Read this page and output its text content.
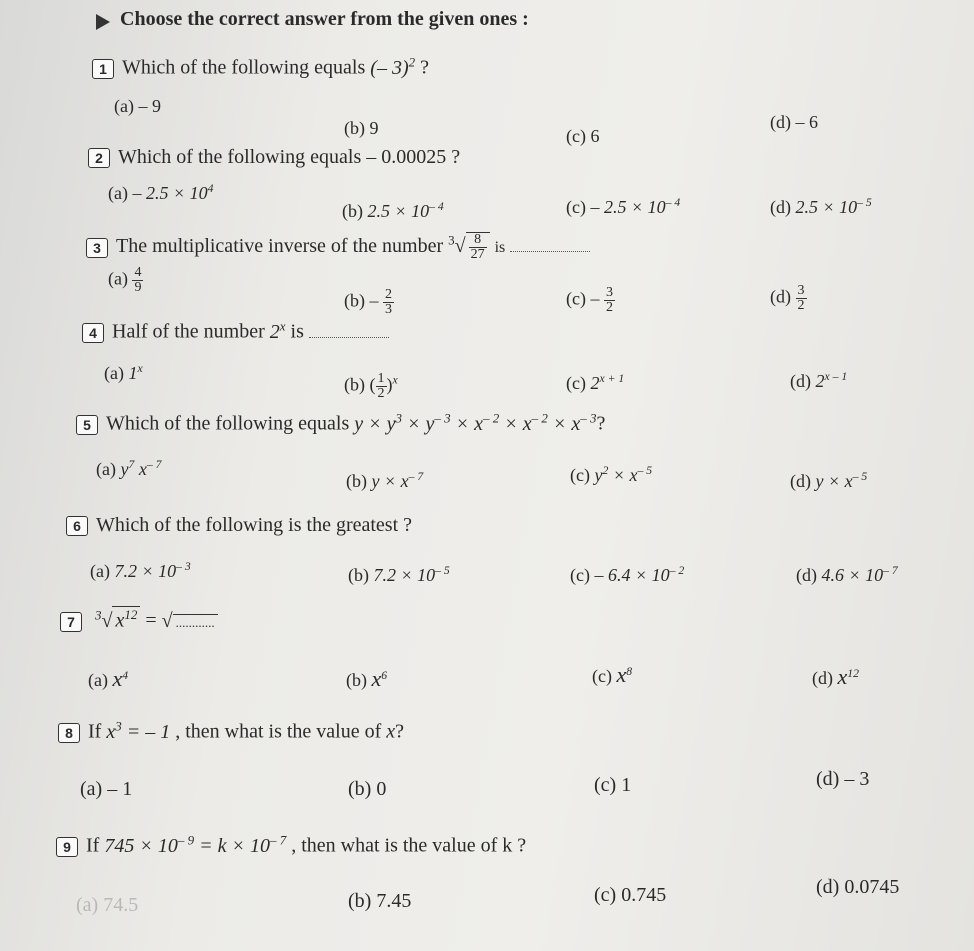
Choose the correct answer from the given ones :
1 Which of the following equals (– 3)$^2$ ?
(a) – 9
(b) 9	(c) 6
(d) – 6
2 Which of the following equals – 0.00025 ?
$(a) - 2.5 \times 10^4$
(b) $2.5 \times 10^{- 4}$	$(c) - 2.5 \times 10^{- 4}$	(d) $2.5 \times 10^{- 5}$
3 The multiplicative inverse of the number $^3√ \frac{8}{27}$ is
$(a) \frac{4}{9}$
$(b) - \frac{2}{3}$	$(c) - \frac{3}{2}$	$(d) \frac{3}{2}$
4 Half of the number 2$^x$ is
(a) 1$^x$
(b) ( $\frac{1}{2} )^x$	(c) $2^{x + 1}$	(d) 2$^{x - 1}$
5 Which of the following equals $y \times y^3 \times y^{- 3} \times x^{- 2} \times x^{- 2} \times x^{- 3}$?
(a) $y^7$ $x^{- 7}$
(b) $y \times x^{- 7}$	(c) $y^2 \times x^{- 5}$
(d) $y \times x^{- 5}$
6 Which of the following is the greatest ?
(a) $7.2 \times 10^{- 3}$	(b) $7.2 \times 10^{- 5}$	$(c) - 6.4 \times 10^{- 2}$	(d) $4.6 \times 10^{- 7}$
7 $^3$√ $x^{12}$ = √ ............
(a) $x^4$	(b) $x^6$	(c) $x^8$	(d) $x^{12}$
8 If $x^3$ = – 1 , then what is the value of x?
(a) – 1	(b) 0	(c) 1	(d) – 3
9 If $745 \times 10^{- 9} = k \times 10^{- 7}$ , then what is the value of k ?
(a) 74.5	(b) 7.45	(c) 0.745	(d) 0.0745
